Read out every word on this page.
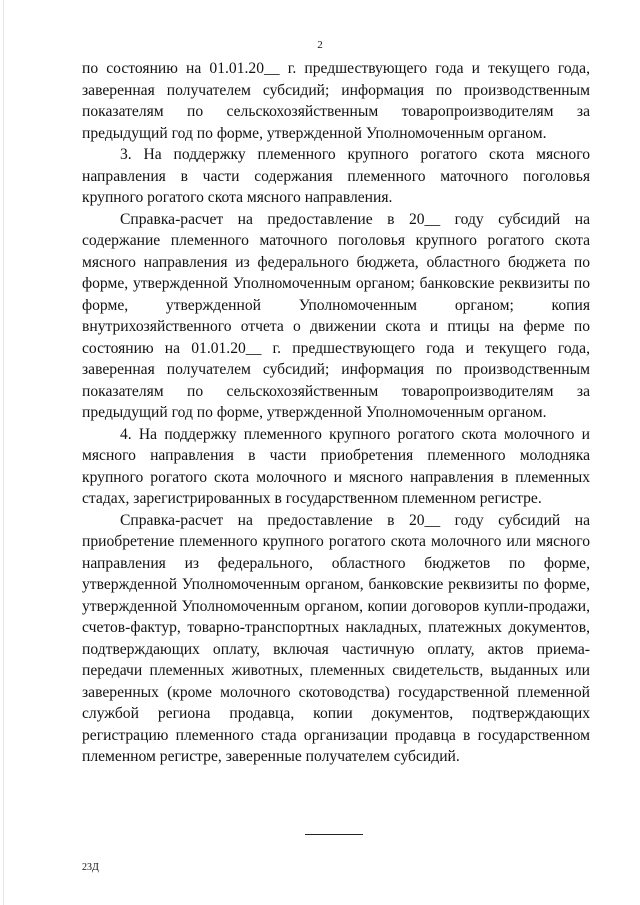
2

по состоянию на 01.01.20__ г. предшествующего года и текущего года, заверенная получателем субсидий; информация по производственным показателям по сельскохозяйственным товаропроизводителям за предыдущий год по форме, утвержденной Уполномоченным органом.

3. На поддержку племенного крупного рогатого скота мясного направления в части содержания племенного маточного поголовья крупного рогатого скота мясного направления.

Справка-расчет на предоставление в 20__ году субсидий на содержание племенного маточного поголовья крупного рогатого скота мясного направления из федерального бюджета, областного бюджета по форме, утвержденной Уполномоченным органом; банковские реквизиты по форме, утвержденной Уполномоченным органом; копия внутрихозяйственного отчета о движении скота и птицы на ферме по состоянию на 01.01.20__ г. предшествующего года и текущего года, заверенная получателем субсидий; информация по производственным показателям по сельскохозяйственным товаропроизводителям за предыдущий год по форме, утвержденной Уполномоченным органом.

4. На поддержку племенного крупного рогатого скота молочного и мясного направления в части приобретения племенного молодняка крупного рогатого скота молочного и мясного направления в племенных стадах, зарегистрированных в государственном племенном регистре.

Справка-расчет на предоставление в 20__ году субсидий на приобретение племенного крупного рогатого скота молочного или мясного направления из федерального, областного бюджетов по форме, утвержденной Уполномоченным органом, банковские реквизиты по форме, утвержденной Уполномоченным органом, копии договоров купли-продажи, счетов-фактур, товарно-транспортных накладных, платежных документов, подтверждающих оплату, включая частичную оплату, актов приема-передачи племенных животных, племенных свидетельств, выданных или заверенных (кроме молочного скотоводства) государственной племенной службой региона продавца, копии документов, подтверждающих регистрацию племенного стада организации продавца в государственном племенном регистре, заверенные получателем субсидий.

23Д
